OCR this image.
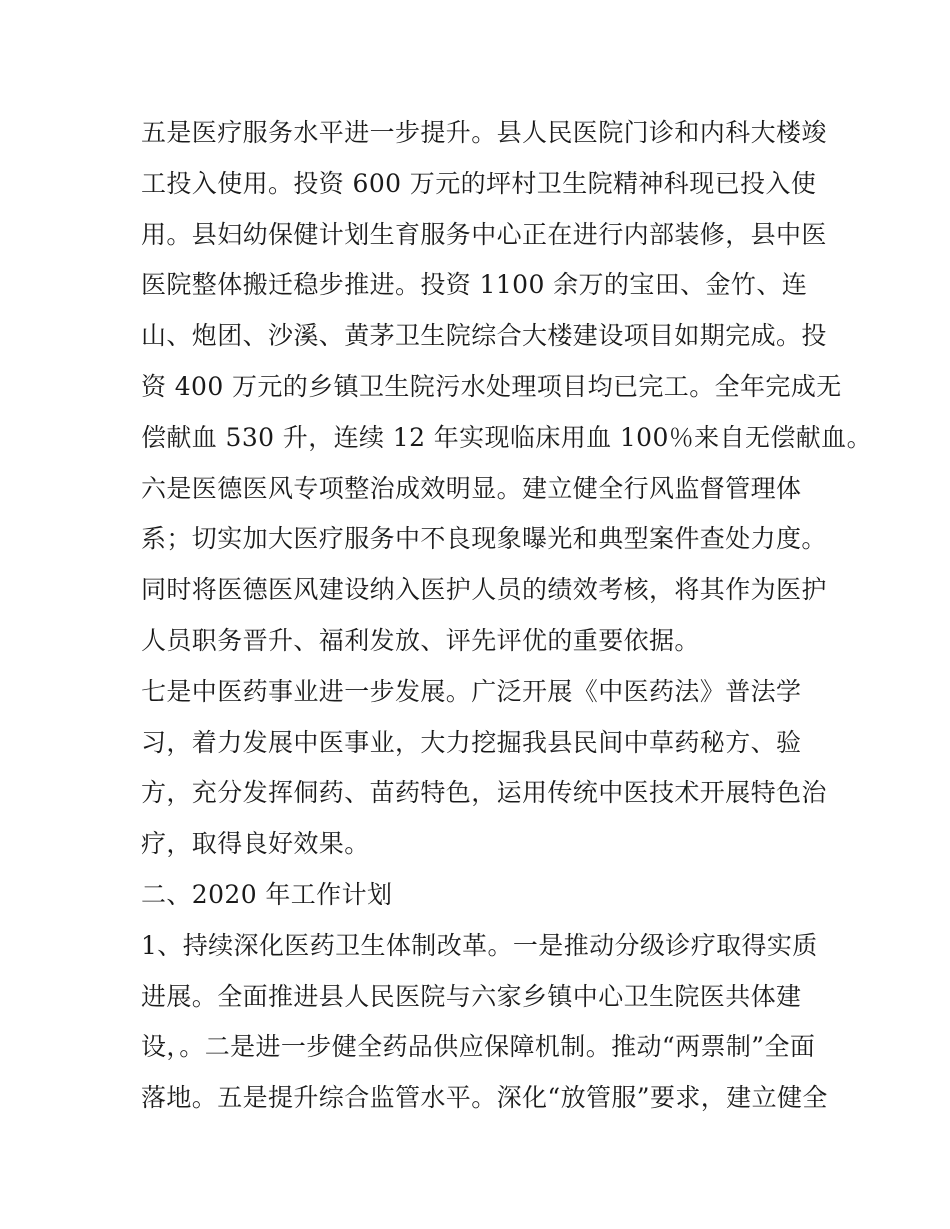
五是医疗服务水平进一步提升。县人民医院门诊和内科大楼竣
工投入使用。投资 600 万元的坪村卫生院精神科现已投入使
用。县妇幼保健计划生育服务中心正在进行内部装修，县中医
医院整体搬迁稳步推进。投资 1100 余万的宝田、金竹、连
山、炮团、沙溪、黄茅卫生院综合大楼建设项目如期完成。投
资 400 万元的乡镇卫生院污水处理项目均已完工。全年完成无
偿献血 530 升，连续 12 年实现临床用血 100％来自无偿献血。
六是医德医风专项整治成效明显。建立健全行风监督管理体
系；切实加大医疗服务中不良现象曝光和典型案件查处力度。
同时将医德医风建设纳入医护人员的绩效考核，将其作为医护
人员职务晋升、福利发放、评先评优的重要依据。
七是中医药事业进一步发展。广泛开展《中医药法》普法学
习，着力发展中医事业，大力挖掘我县民间中草药秘方、验
方，充分发挥侗药、苗药特色，运用传统中医技术开展特色治
疗，取得良好效果。
二、2020 年工作计划
1、持续深化医药卫生体制改革。一是推动分级诊疗取得实质
进展。全面推进县人民医院与六家乡镇中心卫生院医共体建
设，。二是进一步健全药品供应保障机制。推动“两票制”全面
落地。五是提升综合监管水平。深化“放管服”要求，建立健全
